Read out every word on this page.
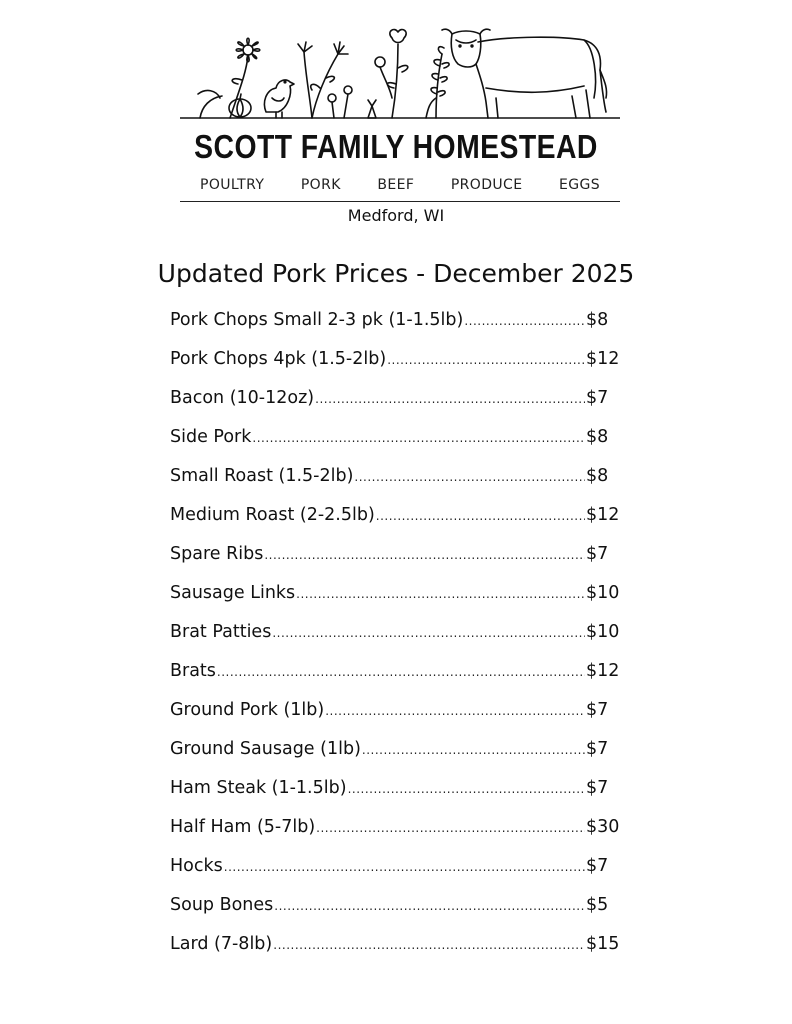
SCOTT FAMILY HOMESTEAD
POULTRY	PORK	BEEF	PRODUCE	EGGS
Medford, WI
Updated Pork Prices - December 2025
Pork Chops Small 2-3 pk (1-1.5lb) .....	$8
Pork Chops 4pk (1.5-2lb) .....	$12
Bacon (10-12oz) .....	$7
Side Pork .....	$8
Small Roast (1.5-2lb) .....	$8
Medium Roast (2-2.5lb) .....	$12
Spare Ribs .....	$7
Sausage Links .....	$10
Brat Patties .....	$10
Brats .....	$12
Ground Pork (1lb) .....	$7
Ground Sausage (1lb) .....	$7
Ham Steak (1-1.5lb) .....	$7
Half Ham (5-7lb) .....	$30
Hocks .....	$7
Soup Bones .....	$5
Lard (7-8lb) .....	$15
